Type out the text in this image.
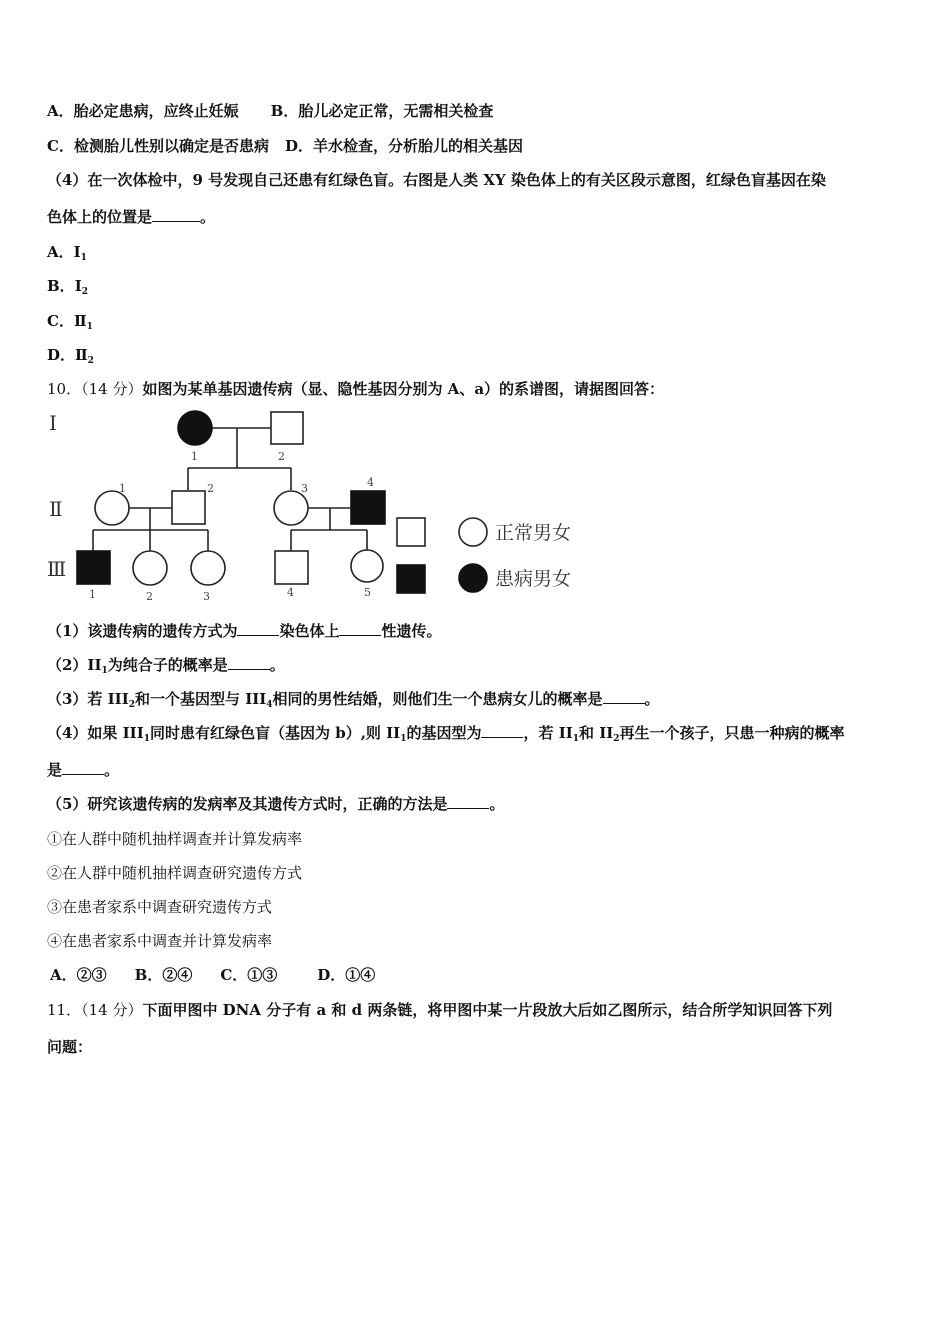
A．胎必定患病，应终止妊娠 B．胎儿必定正常，无需相关检查
C．检测胎儿性别以确定是否患病 D．羊水检查，分析胎儿的相关基因
（4）在一次体检中，9 号发现自己还患有红绿色盲。右图是人类 XY 染色体上的有关区段示意图，红绿色盲基因在染
色体上的位置是	。
A．$I_1$
B．$I_2$
C．$Ⅱ_1$
D．$Ⅱ_2$
10．（14 分）如图为某单基因遗传病（显、隐性基因分别为 A、a）的系谱图，请据图回答：
Ⅰ
Ⅱ
Ⅲ
1	2
1	2	3	4
1	2	3	4	5
正常男女
患病男女
（1）该遗传病的遗传方式为	染色体上	性遗传。
$(2)II_1$为纯合子的概率是	。
（3）若 $III_2$和一个基因型与 $III_4$相同的男性结婚，则他们生一个患病女儿的概率是	。
（4）如果 $III_1$同时患有红绿色盲（基因为 b）,则 $II_1$的基因型为	，若 $II_1$和 $II_2$再生一个孩子，只患一种病的概率
是	。
（5）研究该遗传病的发病率及其遗传方式时，正确的方法是	。
①在人群中随机抽样调查并计算发病率
②在人群中随机抽样调查研究遗传方式
③在患者家系中调查研究遗传方式
④在患者家系中调查并计算发病率
A．②③ B．②④ C．①③	D．①④
11．（14 分）下面甲图中 DNA 分子有 a 和 d 两条链，将甲图中某一片段放大后如乙图所示，结合所学知识回答下列
问题：
